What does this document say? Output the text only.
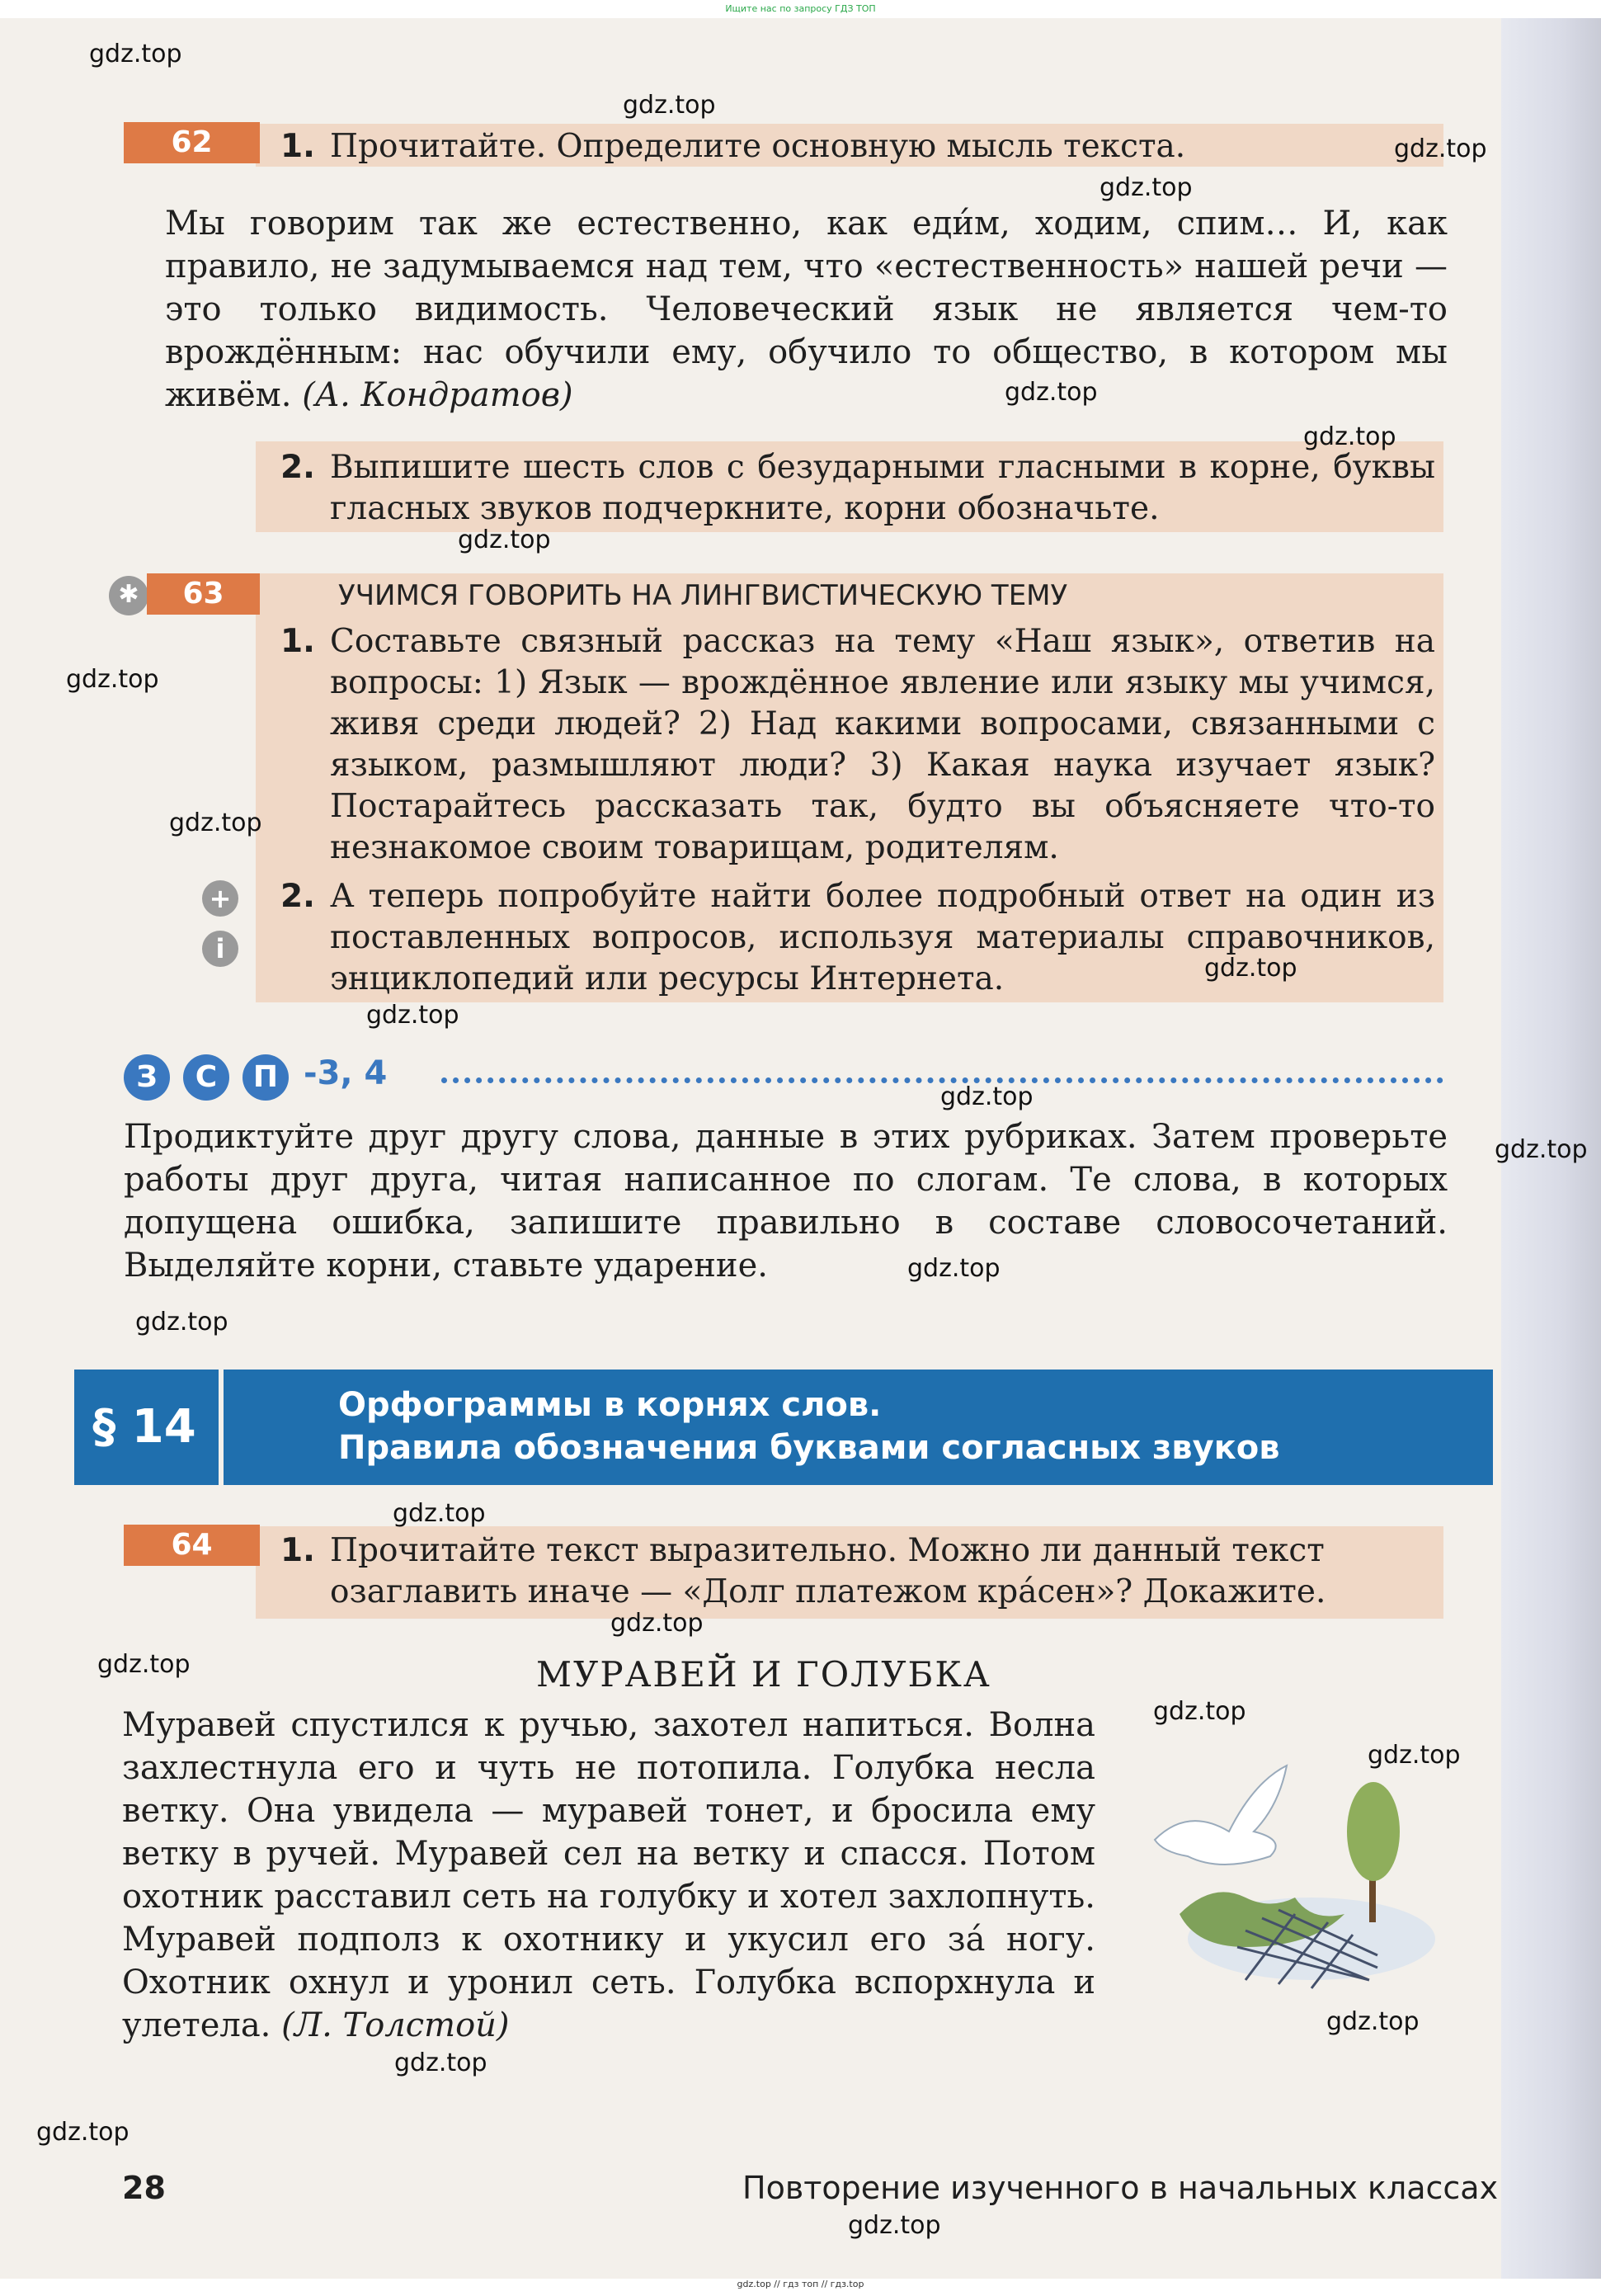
Ищите нас по запросу ГДЗ ТОП
62	1. Прочитайте. Определите основную мысль текста.
Мы говорим так же естественно, как еди́м, ходим, спим… И, как правило, не задумываемся над тем, что «естественность» нашей речи — это только видимость. Человеческий язык не является чем-то врождённым: нас обучили ему, обучило то общество, в котором мы живём. (А. Кондратов)
2. Выпишите шесть слов с безударными гласными в корне, буквы гласных звуков подчеркните, корни обозначьте.
✱	63	УЧИМСЯ ГОВОРИТЬ НА ЛИНГВИСТИЧЕСКУЮ ТЕМУ
1. Составьте связный рассказ на тему «Наш язык», ответив на вопросы: 1) Язык — врождённое явление или языку мы учимся, живя среди людей? 2) Над какими вопросами, связанными с языком, размышляют люди? 3) Какая наука изучает язык? Постарайтесь рассказать так, будто вы объясняете что-то незнакомое своим товарищам, родителям.
+
i
2. А теперь попробуйте найти более подробный ответ на один из поставленных вопросов, используя материалы справочников, энциклопедий или ресурсы Интернета.
З	С	П -3, 4
Продиктуйте друг другу слова, данные в этих рубриках. Затем проверьте работы друг друга, читая написанное по слогам. Те слова, в которых допущена ошибка, запишите правильно в составе словосочетаний. Выделяйте корни, ставьте ударение.
§ 14	Орфограммы в корнях слов.
Правила обозначения буквами согласных звуков
64	1. Прочитайте текст выразительно. Можно ли данный текст озаглавить иначе — «Долг платежом кра́сен»? Докажите.
МУРАВЕЙ И ГОЛУБКА
Муравей спустился к ручью, захотел напиться. Волна захлестнула его и чуть не потопила. Голубка несла ветку. Она увидела — муравей тонет, и бросила ему ветку в ручей. Муравей сел на ветку и спасся. Потом охотник расставил сеть на голубку и хотел захлопнуть. Муравей подполз к охотнику и укусил его за́ ногу. Охотник охнул и уронил сеть. Голубка вспорхнула и улетела. (Л. Толстой)
gdz.top
gdz.top
gdz.top
gdz.top
gdz.top
gdz.top
gdz.top
gdz.top
gdz.top
gdz.top
gdz.top
gdz.top
gdz.top
gdz.top
gdz.top
gdz.top
gdz.top
gdz.top
gdz.top
gdz.top
gdz.top
gdz.top
gdz.top
gdz.top
28	Повторение изученного в начальных классах
gdz.top // гдз топ // гдз.top
